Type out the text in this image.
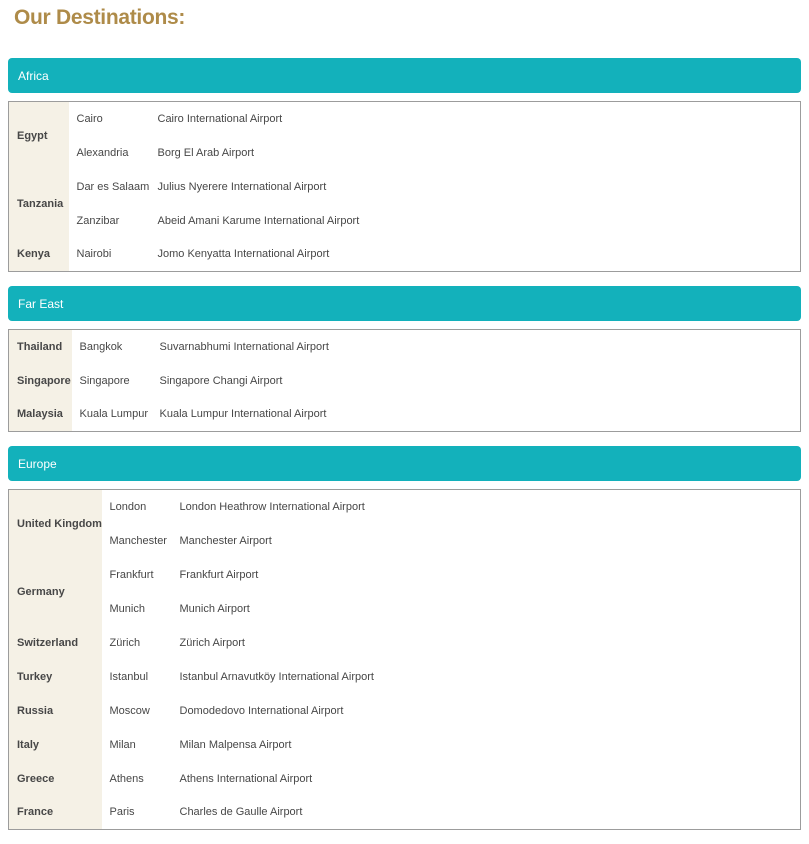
Our Destinations:
Africa
Egypt	Cairo	Cairo International Airport
	Alexandria	Borg El Arab Airport
Tanzania	Dar es Salaam	Julius Nyerere International Airport
	Zanzibar	Abeid Amani Karume International Airport
Kenya	Nairobi	Jomo Kenyatta International Airport
Far East
Thailand	Bangkok	Suvarnabhumi International Airport
Singapore	Singapore	Singapore Changi Airport
Malaysia	Kuala Lumpur	Kuala Lumpur International Airport
Europe
United Kingdom	London	London Heathrow International Airport
	Manchester	Manchester Airport
Germany	Frankfurt	Frankfurt Airport
	Munich	Munich Airport
Switzerland	Zürich	Zürich Airport
Turkey	Istanbul	Istanbul Arnavutköy International Airport
Russia	Moscow	Domodedovo International Airport
Italy	Milan	Milan Malpensa Airport
Greece	Athens	Athens International Airport
France	Paris	Charles de Gaulle Airport
